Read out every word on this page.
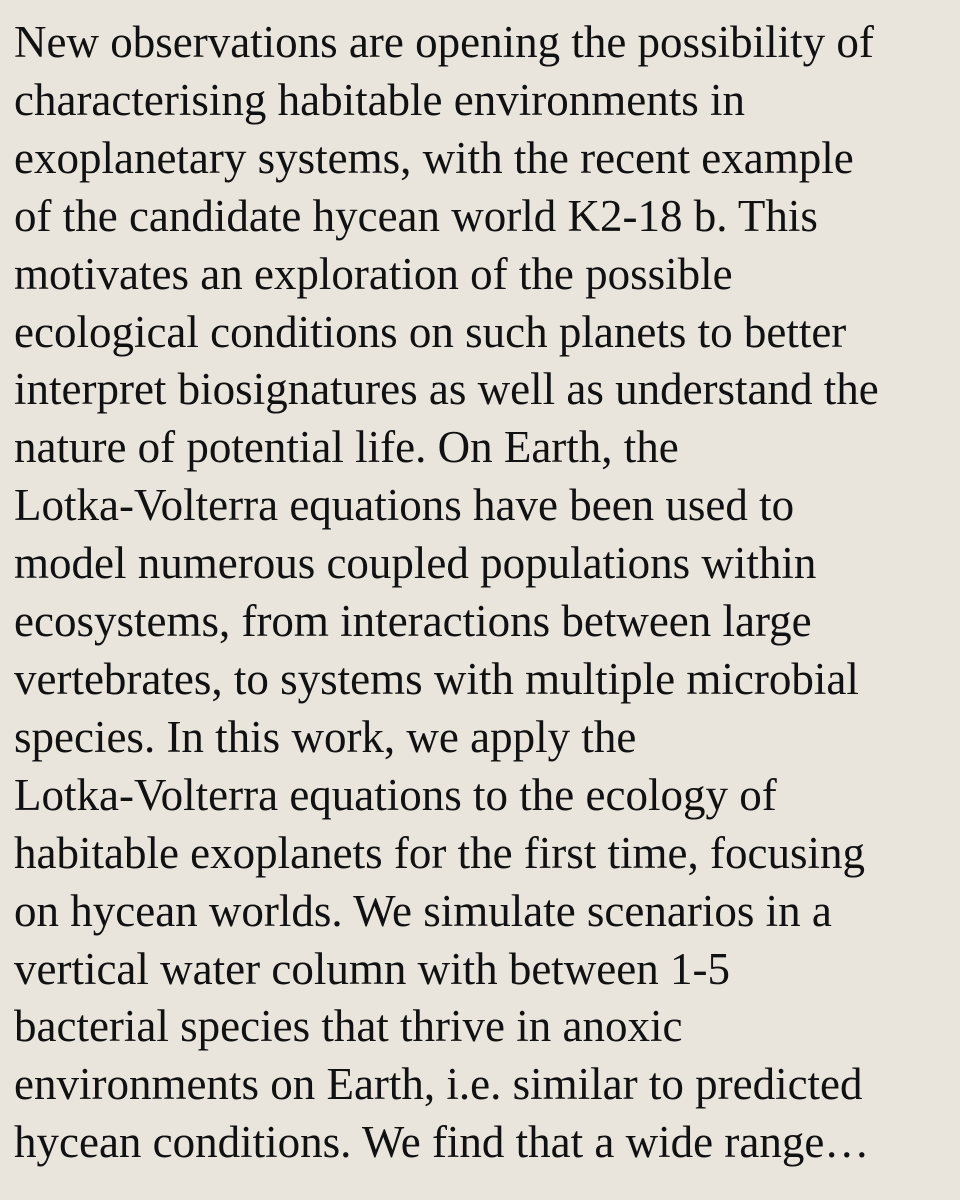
New observations are opening the possibility of
characterising habitable environments in
exoplanetary systems, with the recent example
of the candidate hycean world K2-18 b. This
motivates an exploration of the possible
ecological conditions on such planets to better
interpret biosignatures as well as understand the
nature of potential life. On Earth, the
Lotka-Volterra equations have been used to
model numerous coupled populations within
ecosystems, from interactions between large
vertebrates, to systems with multiple microbial
species. In this work, we apply the
Lotka-Volterra equations to the ecology of
habitable exoplanets for the first time, focusing
on hycean worlds. We simulate scenarios in a
vertical water column with between 1-5
bacterial species that thrive in anoxic
environments on Earth, i.e. similar to predicted
hycean conditions. We find that a wide range…
